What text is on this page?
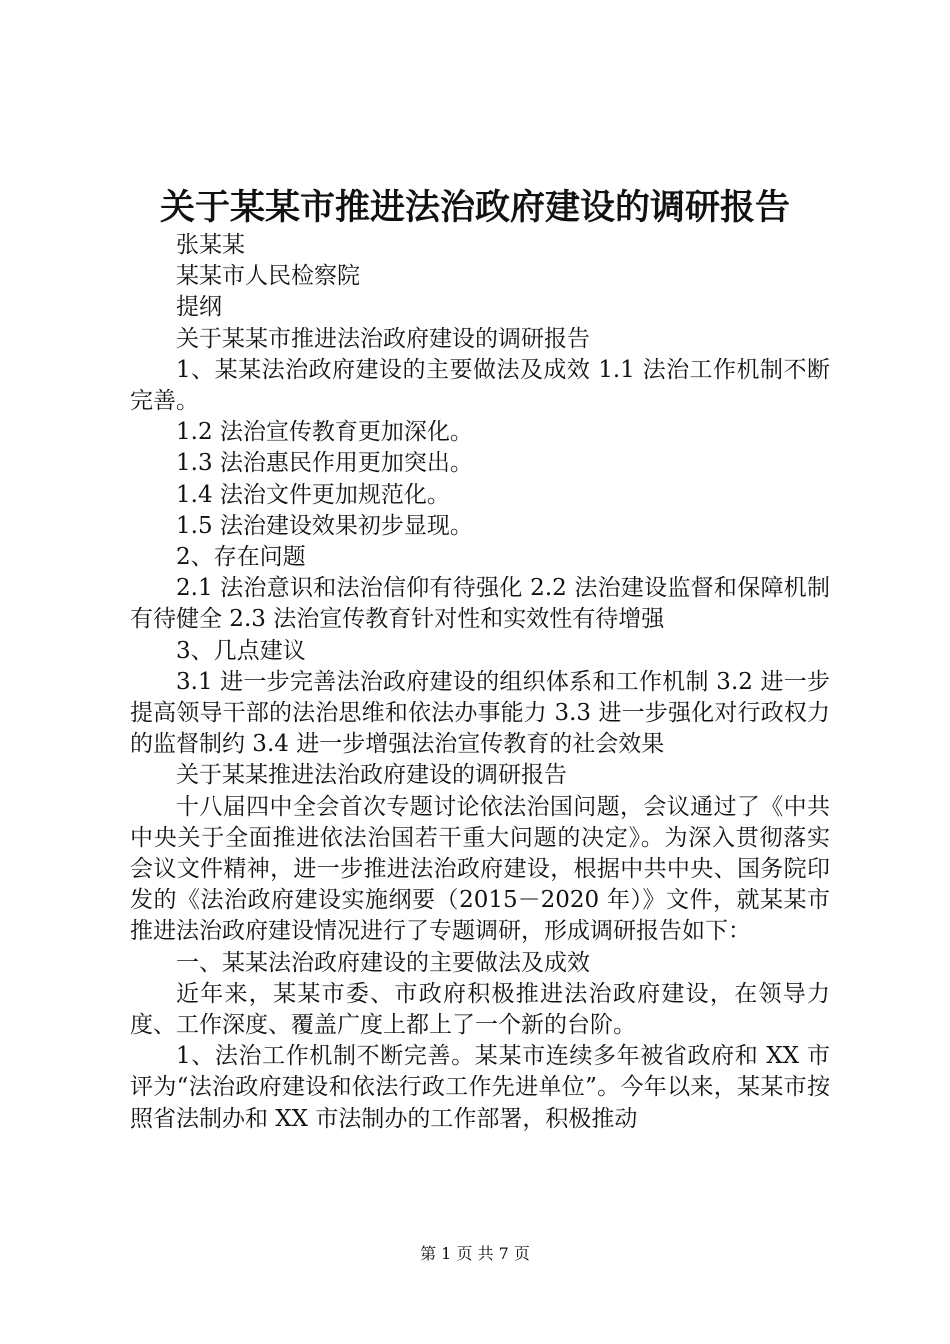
关于某某市推进法治政府建设的调研报告

张某某

某某市人民检察院

提纲

关于某某市推进法治政府建设的调研报告

1、某某法治政府建设的主要做法及成效 1.1 法治工作机制不断完善。

1.2 法治宣传教育更加深化。

1.3 法治惠民作用更加突出。

1.4 法治文件更加规范化。

1.5 法治建设效果初步显现。

2、存在问题

2.1 法治意识和法治信仰有待强化 2.2 法治建设监督和保障机制有待健全 2.3 法治宣传教育针对性和实效性有待增强

3、几点建议

3.1 进一步完善法治政府建设的组织体系和工作机制 3.2 进一步提高领导干部的法治思维和依法办事能力 3.3 进一步强化对行政权力的监督制约 3.4 进一步增强法治宣传教育的社会效果

关于某某推进法治政府建设的调研报告

十八届四中全会首次专题讨论依法治国问题，会议通过了《中共中央关于全面推进依法治国若干重大问题的决定》。为深入贯彻落实会议文件精神，进一步推进法治政府建设，根据中共中央、国务院印发的《法治政府建设实施纲要（2015－2020 年）》文件，就某某市推进法治政府建设情况进行了专题调研，形成调研报告如下：

一、某某法治政府建设的主要做法及成效

近年来，某某市委、市政府积极推进法治政府建设，在领导力度、工作深度、覆盖广度上都上了一个新的台阶。

1、法治工作机制不断完善。某某市连续多年被省政府和 XX 市评为“法治政府建设和依法行政工作先进单位”。今年以来，某某市按照省法制办和 XX 市法制办的工作部署，积极推动

第 1 页 共 7 页
